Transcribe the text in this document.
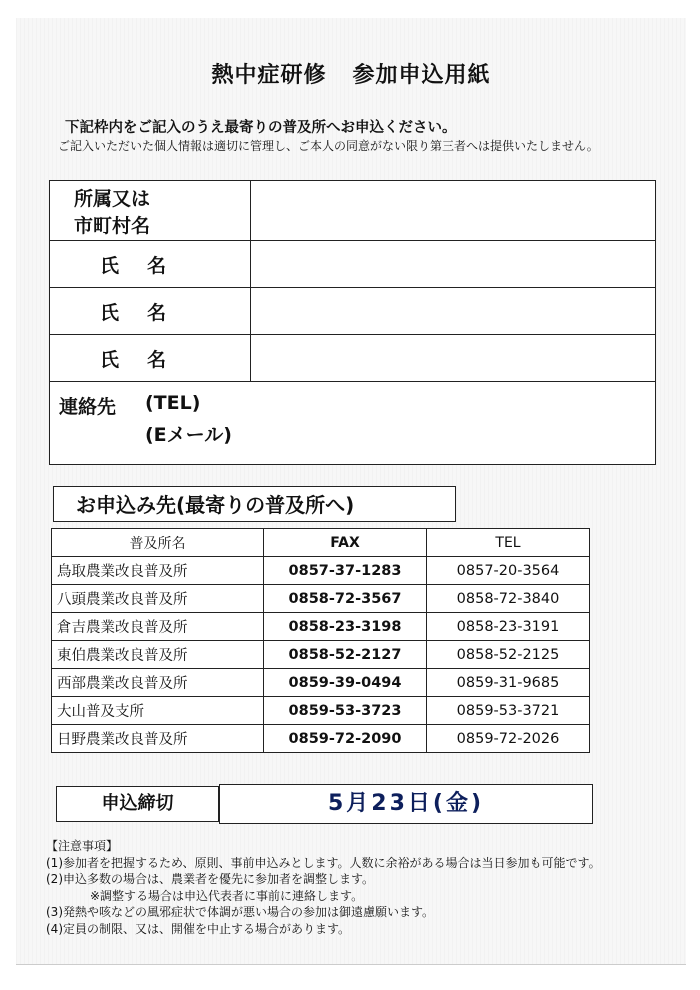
熱中症研修 参加申込用紙
下記枠内をご記入のうえ最寄りの普及所へお申込ください。
ご記入いただいた個人情報は適切に管理し、ご本人の同意がない限り第三者へは提供いたしません。
所属又は
市町村名	

氏 名	
氏 名	
氏 名	

連絡先 (TEL)
(Eメール)	
お申込み先(最寄りの普及所へ)
普及所名	FAX	TEL
鳥取農業改良普及所	0857-37-1283	0857-20-3564
八頭農業改良普及所	0858-72-3567	0858-72-3840
倉吉農業改良普及所	0858-23-3198	0858-23-3191
東伯農業改良普及所	0858-52-2127	0858-52-2125
西部農業改良普及所	0859-39-0494	0859-31-9685
大山普及支所	0859-53-3723	0859-53-3721
日野農業改良普及所	0859-72-2090	0859-72-2026
申込締切	5月23日(金)
【注意事項】
(1)参加者を把握するため、原則、事前申込みとします。人数に余裕がある場合は当日参加も可能です。
(2)申込多数の場合は、農業者を優先に参加者を調整します。
※調整する場合は申込代表者に事前に連絡します。
(3)発熱や咳などの風邪症状で体調が悪い場合の参加は御遠慮願います。
(4)定員の制限、又は、開催を中止する場合があります。
